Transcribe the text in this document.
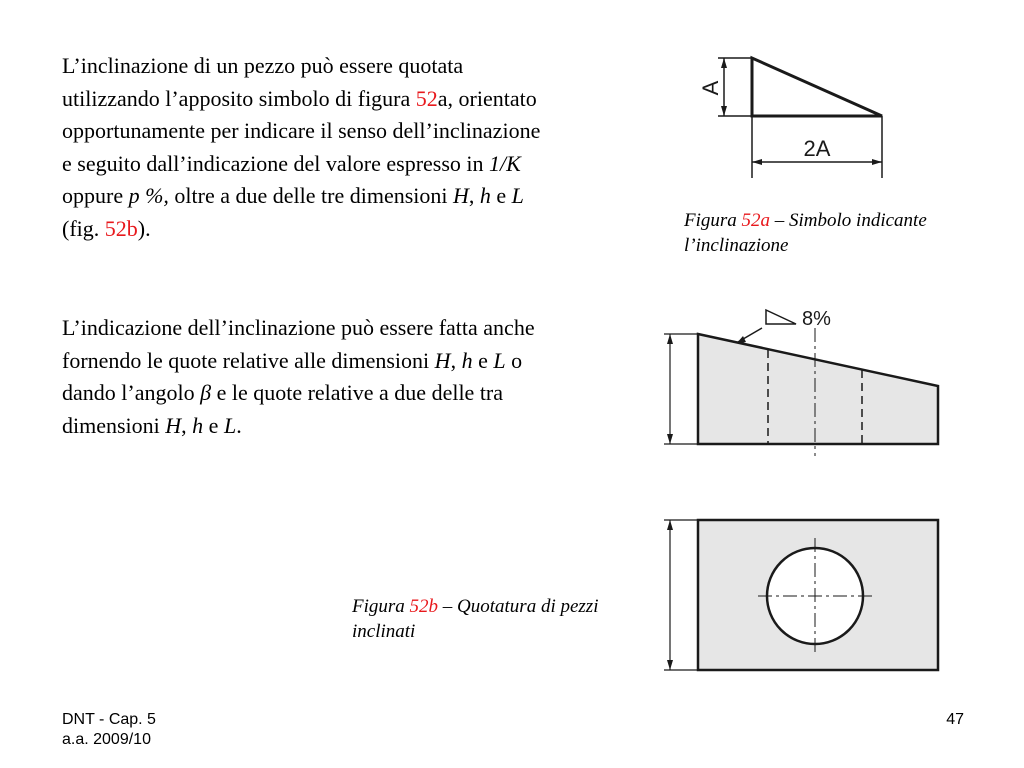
L’inclinazione di un pezzo può essere quotata utilizzando l’apposito simbolo di figura 52a, orientato opportunamente per indicare il senso dell’inclinazione e seguito dall’indicazione del valore espresso in 1/K oppure p %, oltre a due delle tre dimensioni H, h e L (fig. 52b).

L’indicazione dell’inclinazione può essere fatta anche fornendo le quote relative alle dimensioni H, h e L o dando l’angolo β e le quote relative a due delle tra dimensioni H, h e L.

A
2A
Figura 52a – Simbolo indicante l’inclinazione
8%
Figura 52b – Quotatura di pezzi inclinati
DNT - Cap. 5
a.a. 2009/10
47
